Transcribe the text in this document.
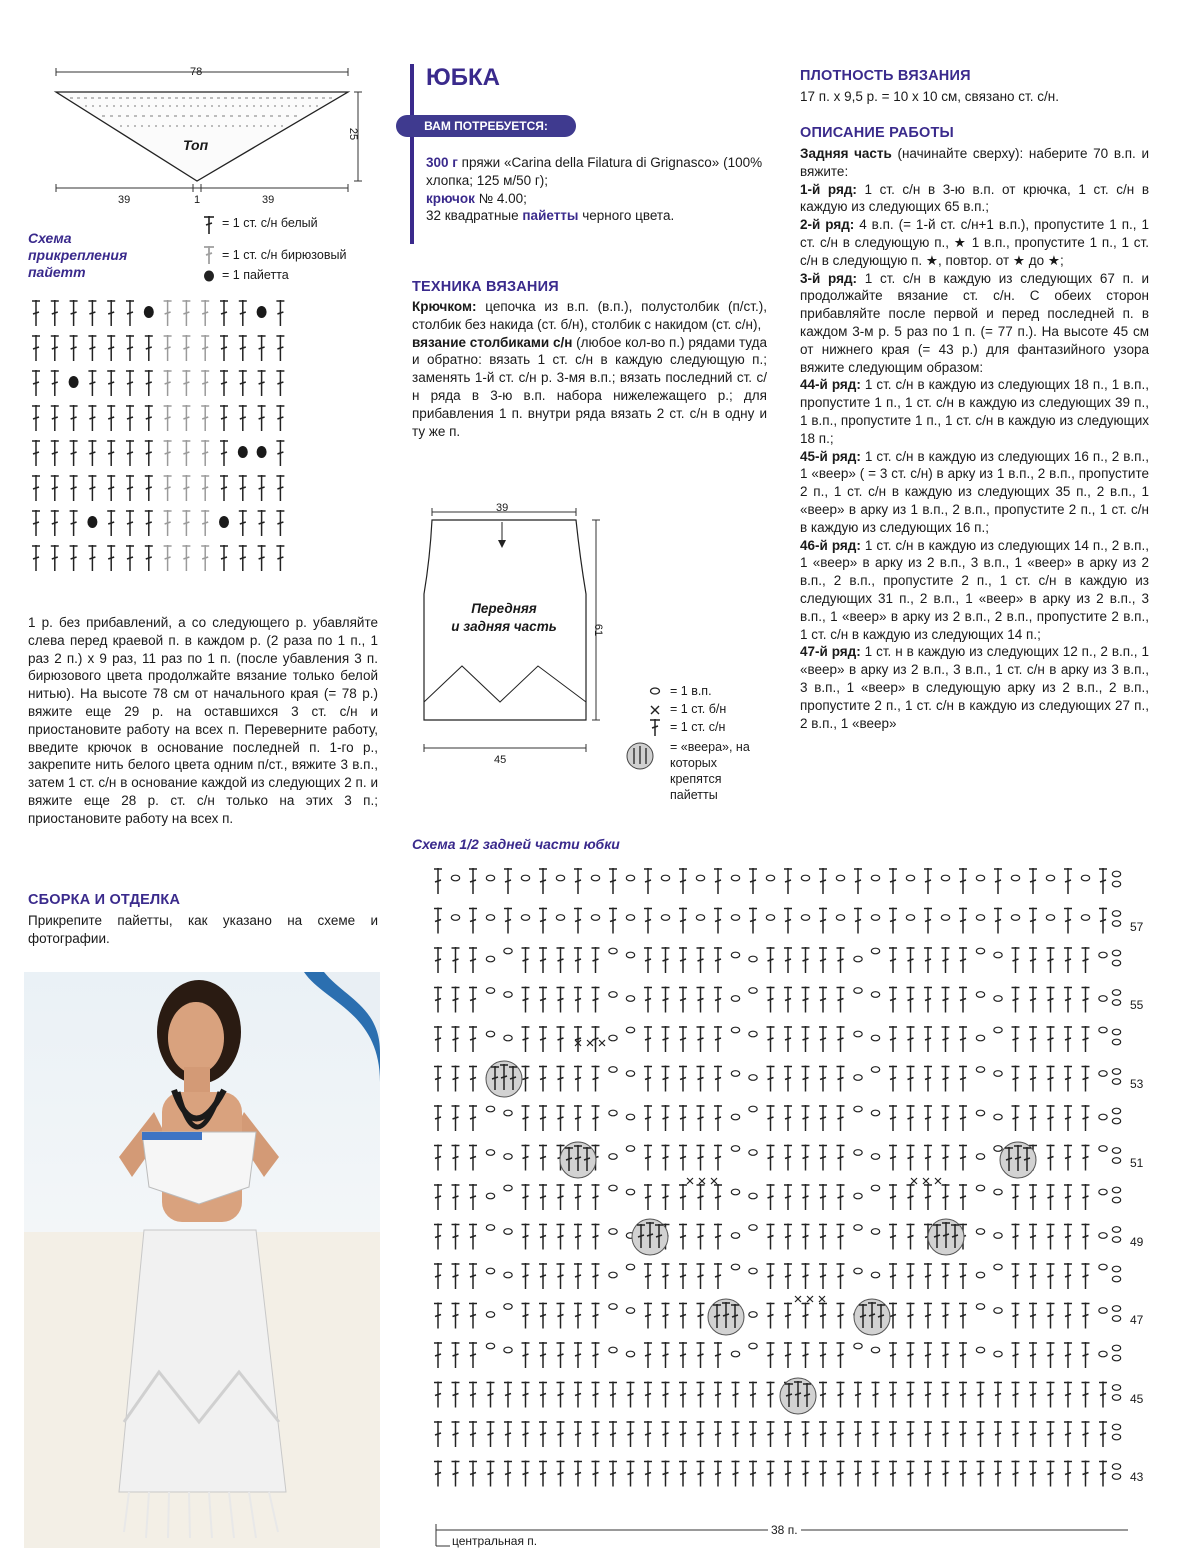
78
Топ
25
39	1	39
Схема
прикрепления
пайетт
= 1 ст. с/н белый
= 1 ст. с/н бирюзовый
= 1 пайетта
1 р. без прибавлений, а со следующего р. убавляйте слева перед краевой п. в каждом р. (2 раза по 1 п., 1 раз 2 п.) х 9 раз, 11 раз по 1 п. (после убавления 3 п. бирюзового цвета продолжайте вязание только белой нитью). На высоте 78 см от начального края (= 78 р.) вяжите еще 29 р. на оставшихся 3 ст. с/н и приостановите работу на всех п. Переверните работу, введите крючок в основание последней п. 1-го р., закрепите нить белого цвета одним п/ст., вяжите 3 в.п., затем 1 ст. с/н в основание каждой из следующих 2 п. и вяжите еще 28 р. ст. с/н только на этих 3 п.; приостановите работу на всех п.
СБОРКА И ОТДЕЛКА
Прикрепите пайетты, как указано на схеме и фотографии.
ЮБКА
ВАМ ПОТРЕБУЕТСЯ:
300 г пряжи «Carina della Filatura di Grignasco» (100% хлопка; 125 м/50 г);
крючок № 4.00;
32 квадратные пайетты черного цвета.
ТЕХНИКА ВЯЗАНИЯ
Крючком: цепочка из в.п. (в.п.), полустолбик (п/ст.), столбик без накида (ст. б/н), столбик с накидом (ст. с/н),
вязание столбиками с/н (любое кол-во п.) рядами туда и обратно: вязать 1 ст. с/н в каждую следующую п.; заменять 1-й ст. с/н р. 3-мя в.п.; вязать последний ст. с/н ряда в 3-ю в.п. набора нижележащего р.; для прибавления 1 п. внутри ряда вязать 2 ст. с/н в одну и ту же п.
39
Передняя
и задняя часть	61
45
= 1 в.п.
= 1 ст. б/н
= 1 ст. с/н
= «веера», на которых крепятся пайетты
ПЛОТНОСТЬ ВЯЗАНИЯ
17 п. х 9,5 р. = 10 х 10 см, связано ст. с/н.
ОПИСАНИЕ РАБОТЫ
Задняя часть (начинайте сверху): наберите 70 в.п. и вяжите:
1-й ряд: 1 ст. с/н в 3-ю в.п. от крючка, 1 ст. с/н в каждую из следующих 65 в.п.;
2-й ряд: 4 в.п. (= 1-й ст. с/н+1 в.п.), пропустите 1 п., 1 ст. с/н в следующую п., ★ 1 в.п., пропустите 1 п., 1 ст. с/н в следующую п. ★, повтор. от ★ до ★;
3-й ряд: 1 ст. с/н в каждую из следующих 67 п. и продолжайте вязание ст. с/н. С обеих сторон прибавляйте после первой и перед последней п. в каждом 3-м р. 5 раз по 1 п. (= 77 п.). На высоте 45 см от нижнего края (= 43 р.) для фантазийного узора вяжите следующим образом:
44-й ряд: 1 ст. с/н в каждую из следующих 18 п., 1 в.п., пропустите 1 п., 1 ст. с/н в каждую из следующих 39 п., 1 в.п., пропустите 1 п., 1 ст. с/н в каждую из следующих 18 п.;
45-й ряд: 1 ст. с/н в каждую из следующих 16 п., 2 в.п., 1 «веер» ( = 3 ст. с/н) в арку из 1 в.п., 2 в.п., пропустите 2 п., 1 ст. с/н в каждую из следующих 35 п., 2 в.п., 1 «веер» в арку из 1 в.п., 2 в.п., пропустите 2 п., 1 ст. с/н в каждую из следующих 16 п.;
46-й ряд: 1 ст. с/н в каждую из следующих 14 п., 2 в.п., 1 «веер» в арку из 2 в.п., 3 в.п., 1 «веер» в арку из 2 в.п., 2 в.п., пропустите 2 п., 1 ст. с/н в каждую из следующих 31 п., 2 в.п., 1 «веер» в арку из 2 в.п., 3 в.п., 1 «веер» в арку из 2 в.п., 2 в.п., пропустите 2 в.п., 1 ст. с/н в каждую из следующих 14 п.;
47-й ряд: 1 ст. н в каждую из следующих 12 п., 2 в.п., 1 «веер» в арку из 2 в.п., 3 в.п., 1 ст. с/н в арку из 3 в.п., 3 в.п., 1 «веер» в следующую арку из 2 в.п., 2 в.п., пропустите 2 п., 1 ст. с/н в каждую из следующих 27 п., 2 в.п., 1 «веер»
Схема 1/2 задней части юбки
57
55
53
51
49
47
45
43
38 п.
центральная п.
